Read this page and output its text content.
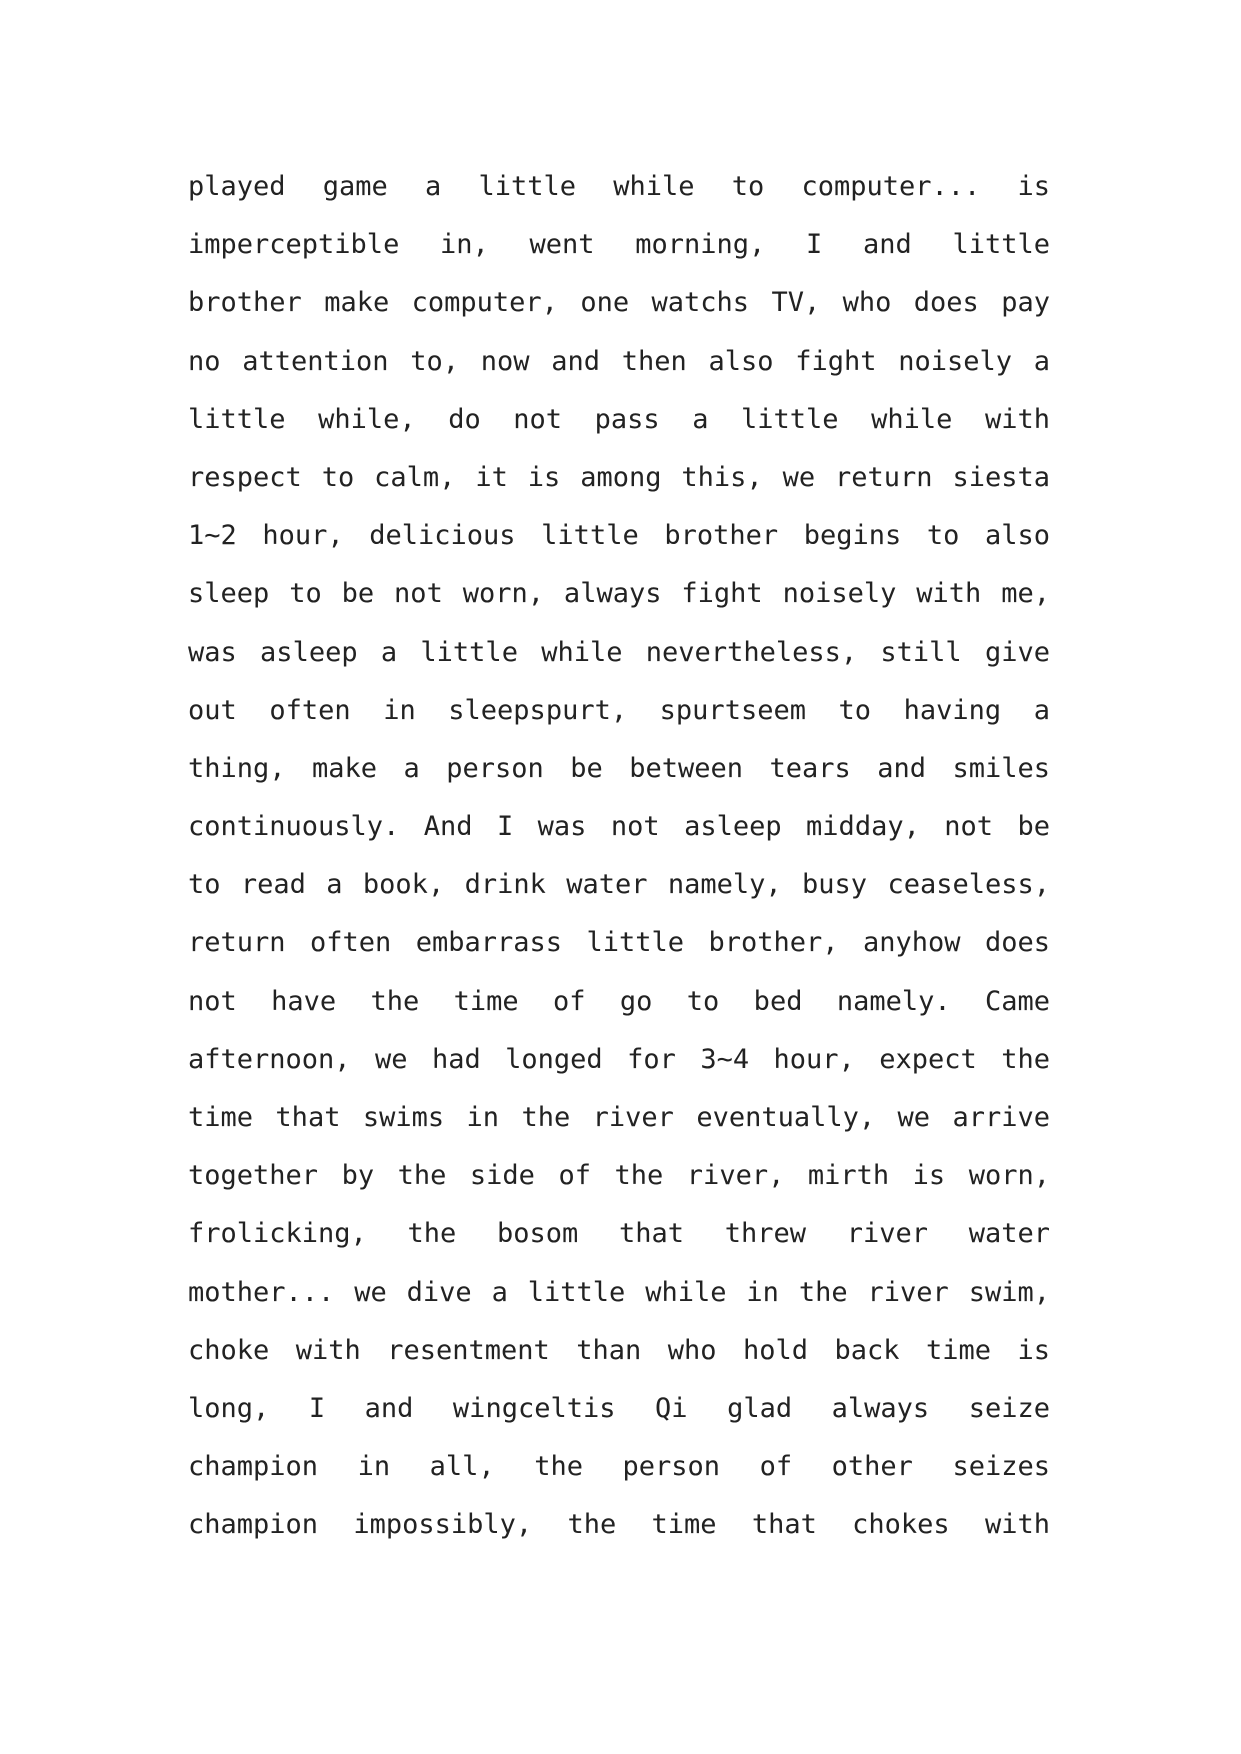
played game a little while to computer... is
imperceptible in, went morning, I and little
brother make computer, one watchs TV, who does pay
no attention to, now and then also fight noisely a
little while, do not pass a little while with
respect to calm, it is among this, we return siesta
1~2 hour, delicious little brother begins to also
sleep to be not worn, always fight noisely with me,
was asleep a little while nevertheless, still give
out often in sleepspurt, spurtseem to having a
thing, make a person be between tears and smiles
continuously. And I was not asleep midday, not be
to read a book, drink water namely, busy ceaseless,
return often embarrass little brother, anyhow does
not have the time of go to bed namely. Came
afternoon, we had longed for 3~4 hour, expect the
time that swims in the river eventually, we arrive
together by the side of the river, mirth is worn,
frolicking, the bosom that threw river water
mother... we dive a little while in the river swim,
choke with resentment than who hold back time is
long, I and wingceltis Qi glad always seize
champion in all, the person of other seizes
champion impossibly, the time that chokes with
